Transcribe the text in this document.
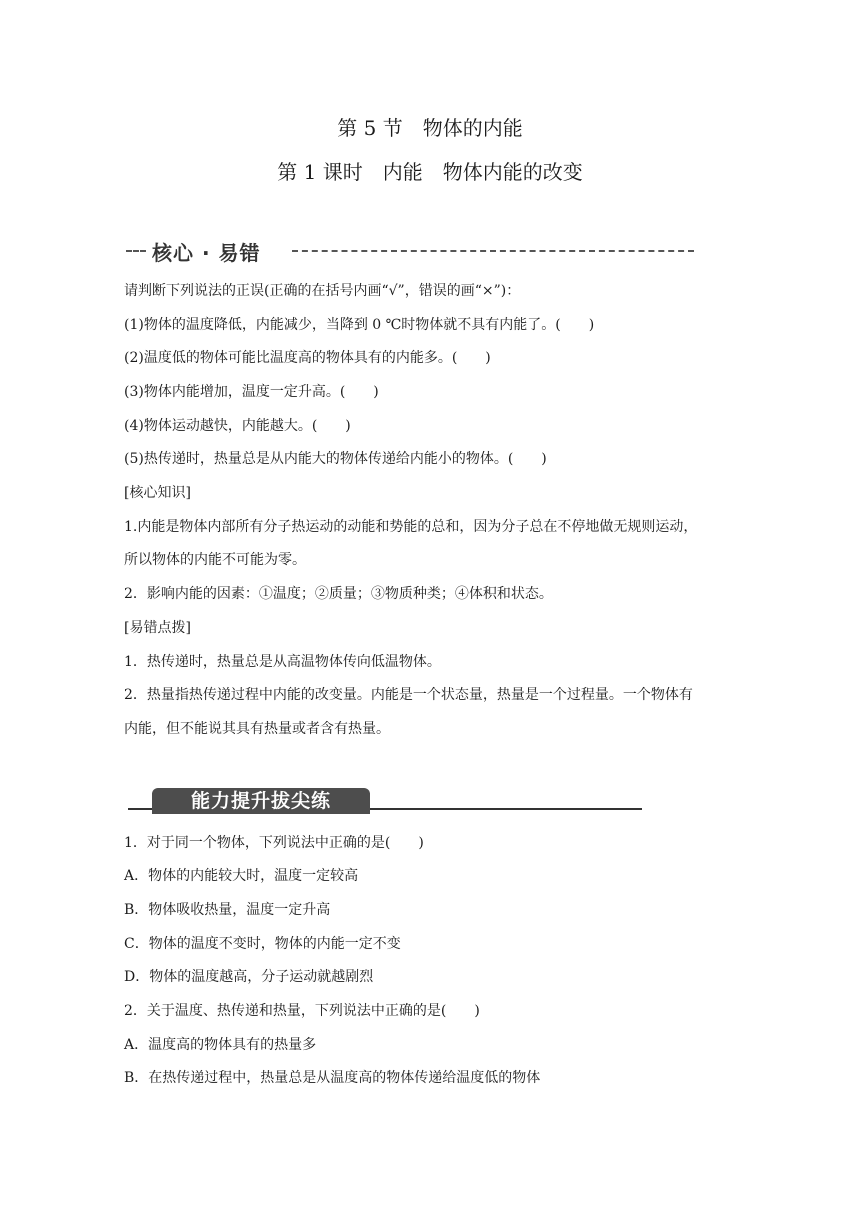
第 5 节　物体的内能
第 1 课时　内能　物体内能的改变
核心 · 易错
请判断下列说法的正误(正确的在括号内画“√”，错误的画“×”)：
(1)物体的温度降低，内能减少，当降到 0 ℃时物体就不具有内能了。(　　)
(2)温度低的物体可能比温度高的物体具有的内能多。(　　)
(3)物体内能增加，温度一定升高。(　　)
(4)物体运动越快，内能越大。(　　)
(5)热传递时，热量总是从内能大的物体传递给内能小的物体。(　　)
[核心知识]
1.内能是物体内部所有分子热运动的动能和势能的总和，因为分子总在不停地做无规则运动，
所以物体的内能不可能为零。
2．影响内能的因素：①温度；②质量；③物质种类；④体积和状态。
[易错点拨]
1．热传递时，热量总是从高温物体传向低温物体。
2．热量指热传递过程中内能的改变量。内能是一个状态量，热量是一个过程量。一个物体有
内能，但不能说其具有热量或者含有热量。
能力提升拔尖练
1．对于同一个物体，下列说法中正确的是(　　)
A．物体的内能较大时，温度一定较高
B．物体吸收热量，温度一定升高
C．物体的温度不变时，物体的内能一定不变
D．物体的温度越高，分子运动就越剧烈
2．关于温度、热传递和热量，下列说法中正确的是(　　)
A．温度高的物体具有的热量多
B．在热传递过程中，热量总是从温度高的物体传递给温度低的物体
